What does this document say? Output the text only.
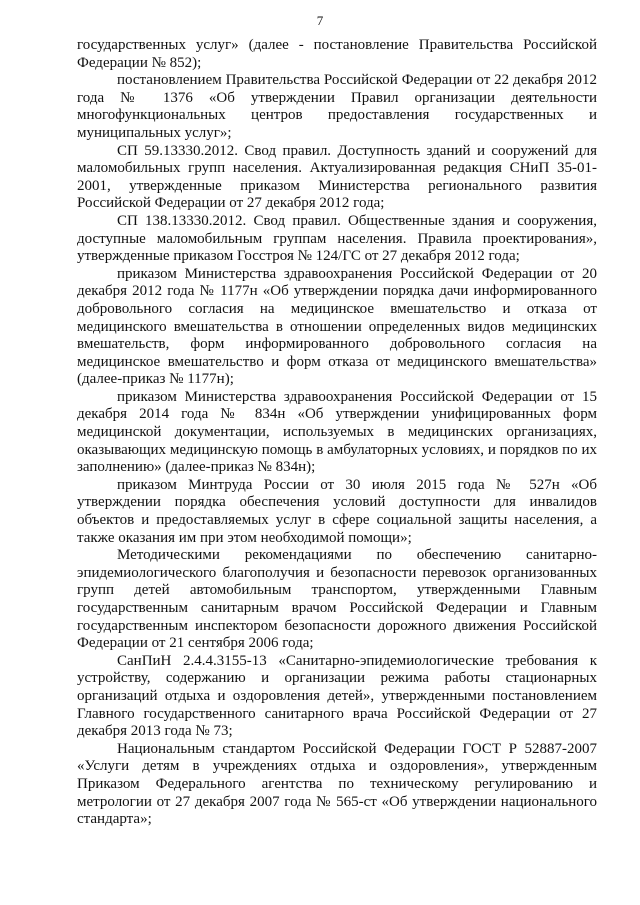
7

государственных услуг» (далее - постановление Правительства Российской Федерации № 852);

постановлением Правительства Российской Федерации от 22 декабря 2012 года № 1376 «Об утверждении Правил организации деятельности многофункциональных центров предоставления государственных и муниципальных услуг»;

СП 59.13330.2012. Свод правил. Доступность зданий и сооружений для маломобильных групп населения. Актуализированная редакция СНиП 35-01-2001, утвержденные приказом Министерства регионального развития Российской Федерации от 27 декабря 2012 года;

СП 138.13330.2012. Свод правил. Общественные здания и сооружения, доступные маломобильным группам населения. Правила проектирования», утвержденные приказом Госстроя № 124/ГС от 27 декабря 2012 года;

приказом Министерства здравоохранения Российской Федерации от 20 декабря 2012 года № 1177н «Об утверждении порядка дачи информированного добровольного согласия на медицинское вмешательство и отказа от медицинского вмешательства в отношении определенных видов медицинских вмешательств, форм информированного добровольного согласия на медицинское вмешательство и форм отказа от медицинского вмешательства» (далее-приказ № 1177н);

приказом Министерства здравоохранения Российской Федерации от 15 декабря 2014 года № 834н «Об утверждении унифицированных форм медицинской документации, используемых в медицинских организациях, оказывающих медицинскую помощь в амбулаторных условиях, и порядков по их заполнению» (далее-приказ № 834н);

приказом Минтруда России от 30 июля 2015 года № 527н «Об утверждении порядка обеспечения условий доступности для инвалидов объектов и предоставляемых услуг в сфере социальной защиты населения, а также оказания им при этом необходимой помощи»;

Методическими рекомендациями по обеспечению санитарно-эпидемиологического благополучия и безопасности перевозок организованных групп детей автомобильным транспортом, утвержденными Главным государственным санитарным врачом Российской Федерации и Главным государственным инспектором безопасности дорожного движения Российской Федерации от 21 сентября 2006 года;

СанПиН 2.4.4.3155-13 «Санитарно-эпидемиологические требования к устройству, содержанию и организации режима работы стационарных организаций отдыха и оздоровления детей», утвержденными постановлением Главного государственного санитарного врача Российской Федерации от 27 декабря 2013 года № 73;

Национальным стандартом Российской Федерации ГОСТ Р 52887-2007 «Услуги детям в учреждениях отдыха и оздоровления», утвержденным Приказом Федерального агентства по техническому регулированию и метрологии от 27 декабря 2007 года № 565-ст «Об утверждении национального стандарта»;
